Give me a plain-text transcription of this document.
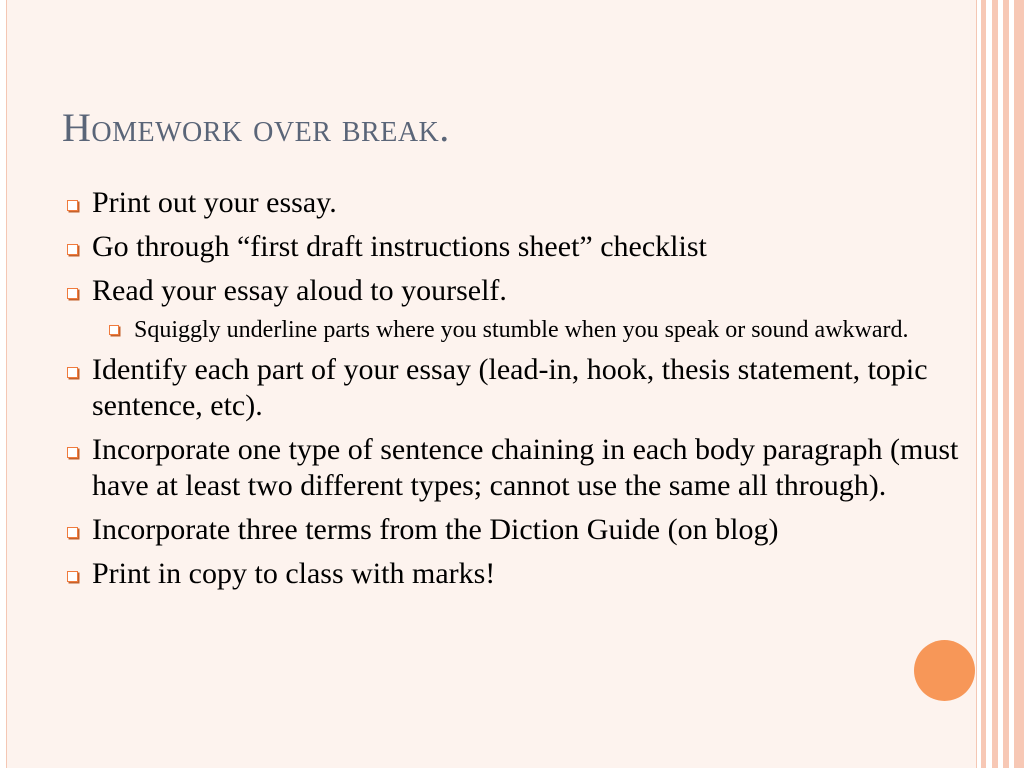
Homework over break.
Print out your essay.
Go through “first draft instructions sheet” checklist
Read your essay aloud to yourself.
Squiggly underline parts where you stumble when you speak or sound awkward.
Identify each part of your essay (lead-in, hook, thesis statement, topic sentence, etc).
Incorporate one type of sentence chaining in each body paragraph (must have at least two different types; cannot use the same all through).
Incorporate three terms from the Diction Guide (on blog)
Print in copy to class with marks!
